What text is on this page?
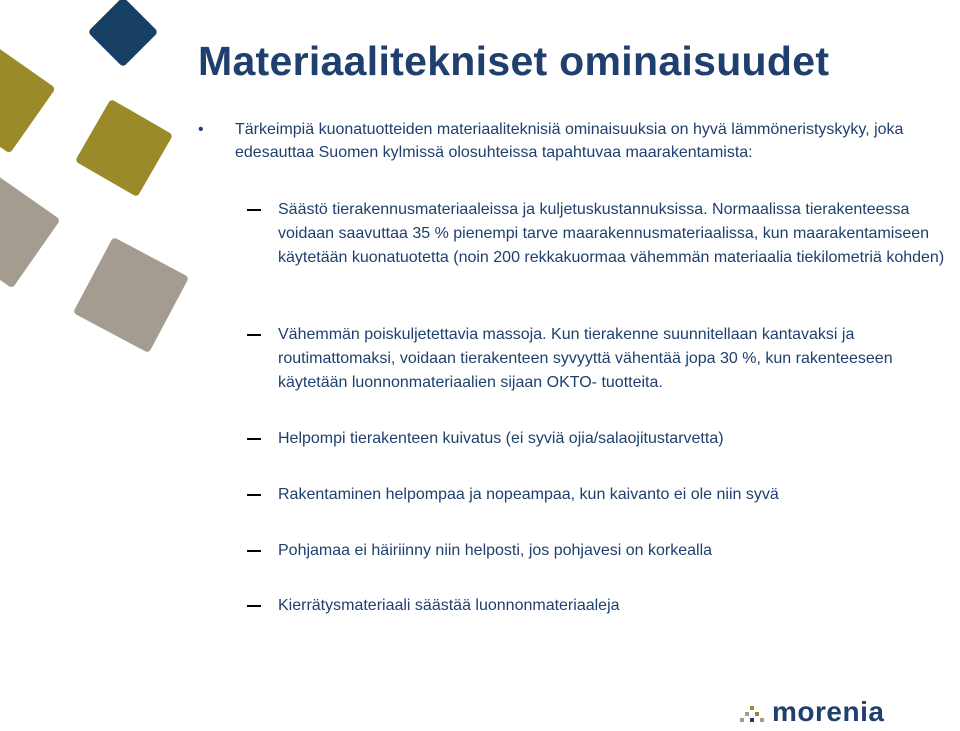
Materiaalitekniset ominaisuudet
• Tärkeimpiä kuonatuotteiden materiaaliteknisiä ominaisuuksia on hyvä lämmöneristyskyky, joka edesauttaa Suomen kylmissä olosuhteissa tapahtuvaa maarakentamista:
Säästö tierakennusmateriaaleissa ja kuljetuskustannuksissa. Normaalissa tierakenteessa voidaan saavuttaa 35 % pienempi tarve maarakennusmateriaalissa, kun maarakentamiseen käytetään kuonatuotetta (noin 200 rekkakuormaa vähemmän materiaalia tiekilometriä kohden)
Vähemmän poiskuljetettavia massoja. Kun tierakenne suunnitellaan kantavaksi ja routimattomaksi, voidaan tierakenteen syvyyttä vähentää jopa 30 %, kun rakenteeseen käytetään luonnonmateriaalien sijaan OKTO- tuotteita.
Helpompi tierakenteen kuivatus (ei syviä ojia/salaojitustarvetta)
Rakentaminen helpompaa ja nopeampaa, kun kaivanto ei ole niin syvä
Pohjamaa ei häiriinny niin helposti, jos pohjavesi on korkealla
Kierrätysmateriaali säästää luonnonmateriaaleja
morenia
